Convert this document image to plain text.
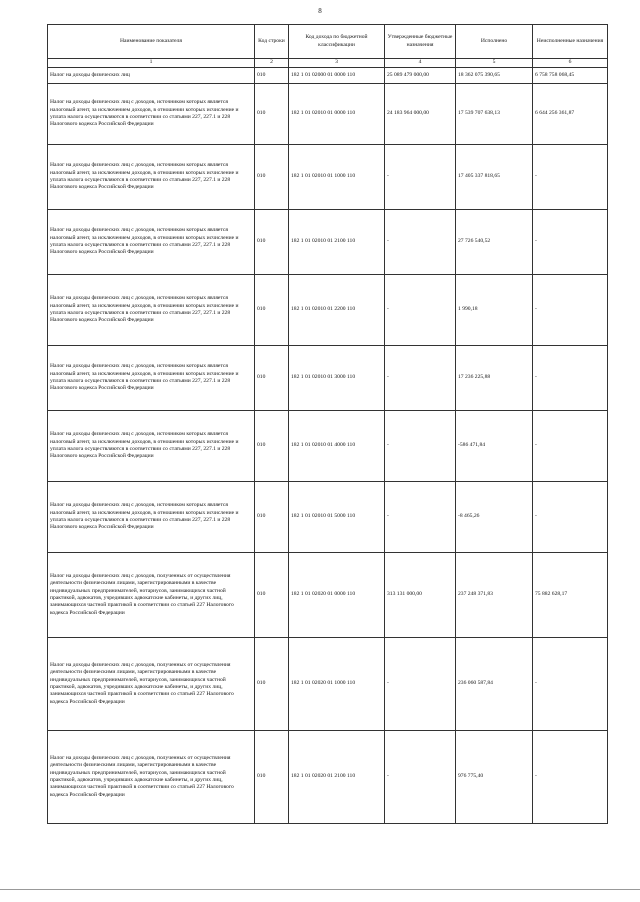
8
Наименование показателя	Код строки	Код дохода по бюджетной классификации	Утвержденные бюджетные назначения	Исполнено	Неисполненные назначения
1	2	3	4	5	6
Налог на доходы физических лиц	010	182 1 01 02000 01 0000 110	25 089 479 000,00	18 362 075 390,65	6 758 758 068,45
Налог на доходы физических лиц с доходов, источником которых является налоговый агент, за исключением доходов, в отношении которых исчисление и уплата налога осуществляются в соответствии со статьями 227, 227.1 и 228 Налогового кодекса Российской Федерации	010	182 1 01 02010 01 0000 110	24 183 964 000,00	17 539 707 638,13	6 644 256 361,87
Налог на доходы физических лиц с доходов, источником которых является налоговый агент, за исключением доходов, в отношении которых исчисление и уплата налога осуществляются в соответствии со статьями 227, 227.1 и 228 Налогового кодекса Российской Федерации	010	182 1 01 02010 01 1000 110	-	17 405 337 818,65	-
Налог на доходы физических лиц с доходов, источником которых является налоговый агент, за исключением доходов, в отношении которых исчисление и уплата налога осуществляются в соответствии со статьями 227, 227.1 и 228 Налогового кодекса Российской Федерации	010	182 1 01 02010 01 2100 110	-	27 726 540,52	-
Налог на доходы физических лиц с доходов, источником которых является налоговый агент, за исключением доходов, в отношении которых исчисление и уплата налога осуществляются в соответствии со статьями 227, 227.1 и 228 Налогового кодекса Российской Федерации	010	182 1 01 02010 01 2200 110	-	1 990,18	-
Налог на доходы физических лиц с доходов, источником которых является налоговый агент, за исключением доходов, в отношении которых исчисление и уплата налога осуществляются в соответствии со статьями 227, 227.1 и 228 Налогового кодекса Российской Федерации	010	182 1 01 02010 01 3000 110	-	17 236 225,88	-
Налог на доходы физических лиц с доходов, источником которых является налоговый агент, за исключением доходов, в отношении которых исчисление и уплата налога осуществляются в соответствии со статьями 227, 227.1 и 228 Налогового кодекса Российской Федерации	010	182 1 01 02010 01 4000 110	-	-586 471,84	-
Налог на доходы физических лиц с доходов, источником которых является налоговый агент, за исключением доходов, в отношении которых исчисление и уплата налога осуществляются в соответствии со статьями 227, 227.1 и 228 Налогового кодекса Российской Федерации	010	182 1 01 02010 01 5000 110	-	-8 465,26	-
Налог на доходы физических лиц с доходов, полученных от осуществления деятельности физическими лицами, зарегистрированными в качестве индивидуальных предпринимателей, нотариусов, занимающихся частной практикой, адвокатов, учредивших адвокатские кабинеты, и других лиц, занимающихся частной практикой в соответствии со статьей 227 Налогового кодекса Российской Федерации	010	182 1 01 02020 01 0000 110	313 131 000,00	237 248 371,83	75 882 628,17
Налог на доходы физических лиц с доходов, полученных от осуществления деятельности физическими лицами, зарегистрированными в качестве индивидуальных предпринимателей, нотариусов, занимающихся частной практикой, адвокатов, учредивших адвокатские кабинеты, и других лиц, занимающихся частной практикой в соответствии со статьей 227 Налогового кодекса Российской Федерации	010	182 1 01 02020 01 1000 110	-	236 060 587,84	-
Налог на доходы физических лиц с доходов, полученных от осуществления деятельности физическими лицами, зарегистрированными в качестве индивидуальных предпринимателей, нотариусов, занимающихся частной практикой, адвокатов, учредивших адвокатские кабинеты, и других лиц, занимающихся частной практикой в соответствии со статьей 227 Налогового кодекса Российской Федерации	010	182 1 01 02020 01 2100 110	-	976 775,40	-
